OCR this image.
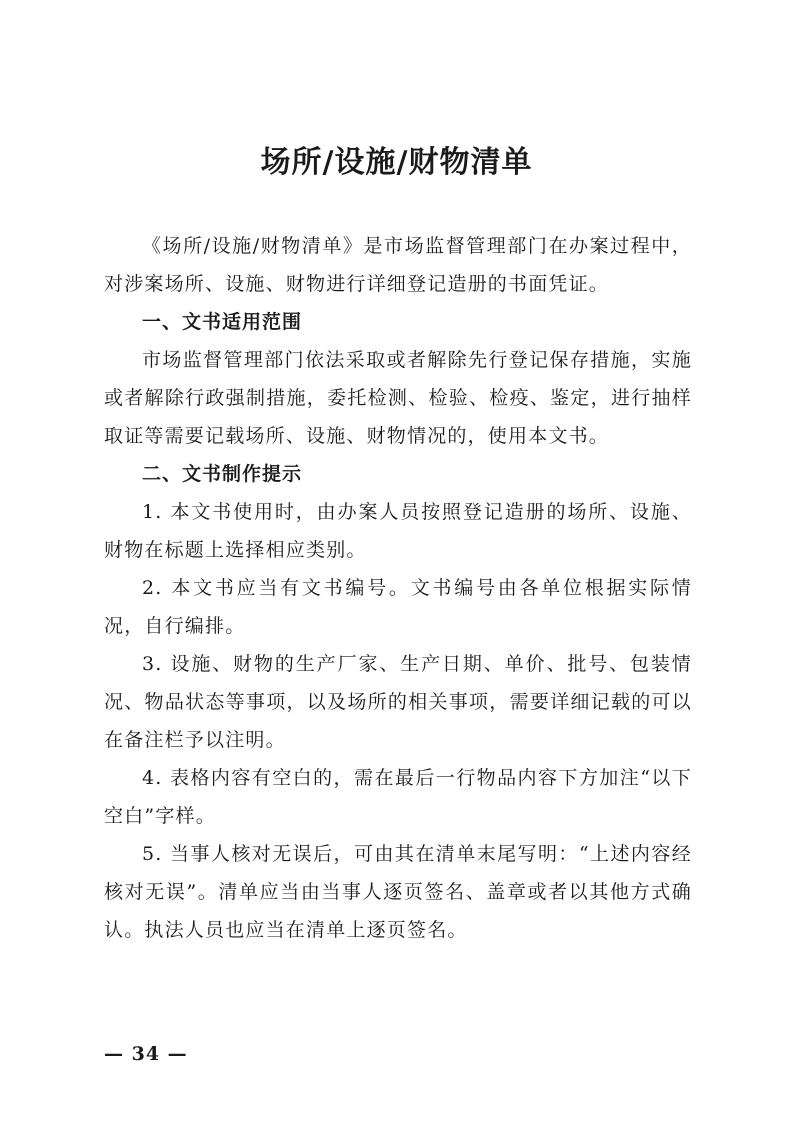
场所/设施/财物清单

《场所/设施/财物清单》是市场监督管理部门在办案过程中，对涉案场所、设施、财物进行详细登记造册的书面凭证。

一、文书适用范围

市场监督管理部门依法采取或者解除先行登记保存措施，实施或者解除行政强制措施，委托检测、检验、检疫、鉴定，进行抽样取证等需要记载场所、设施、财物情况的，使用本文书。

二、文书制作提示

1. 本文书使用时，由办案人员按照登记造册的场所、设施、财物在标题上选择相应类别。

2. 本文书应当有文书编号。文书编号由各单位根据实际情况，自行编排。

3. 设施、财物的生产厂家、生产日期、单价、批号、包装情况、物品状态等事项，以及场所的相关事项，需要详细记载的可以在备注栏予以注明。

4. 表格内容有空白的，需在最后一行物品内容下方加注“以下空白”字样。

5. 当事人核对无误后，可由其在清单末尾写明：“上述内容经核对无误”。清单应当由当事人逐页签名、盖章或者以其他方式确认。执法人员也应当在清单上逐页签名。

— 34 —
